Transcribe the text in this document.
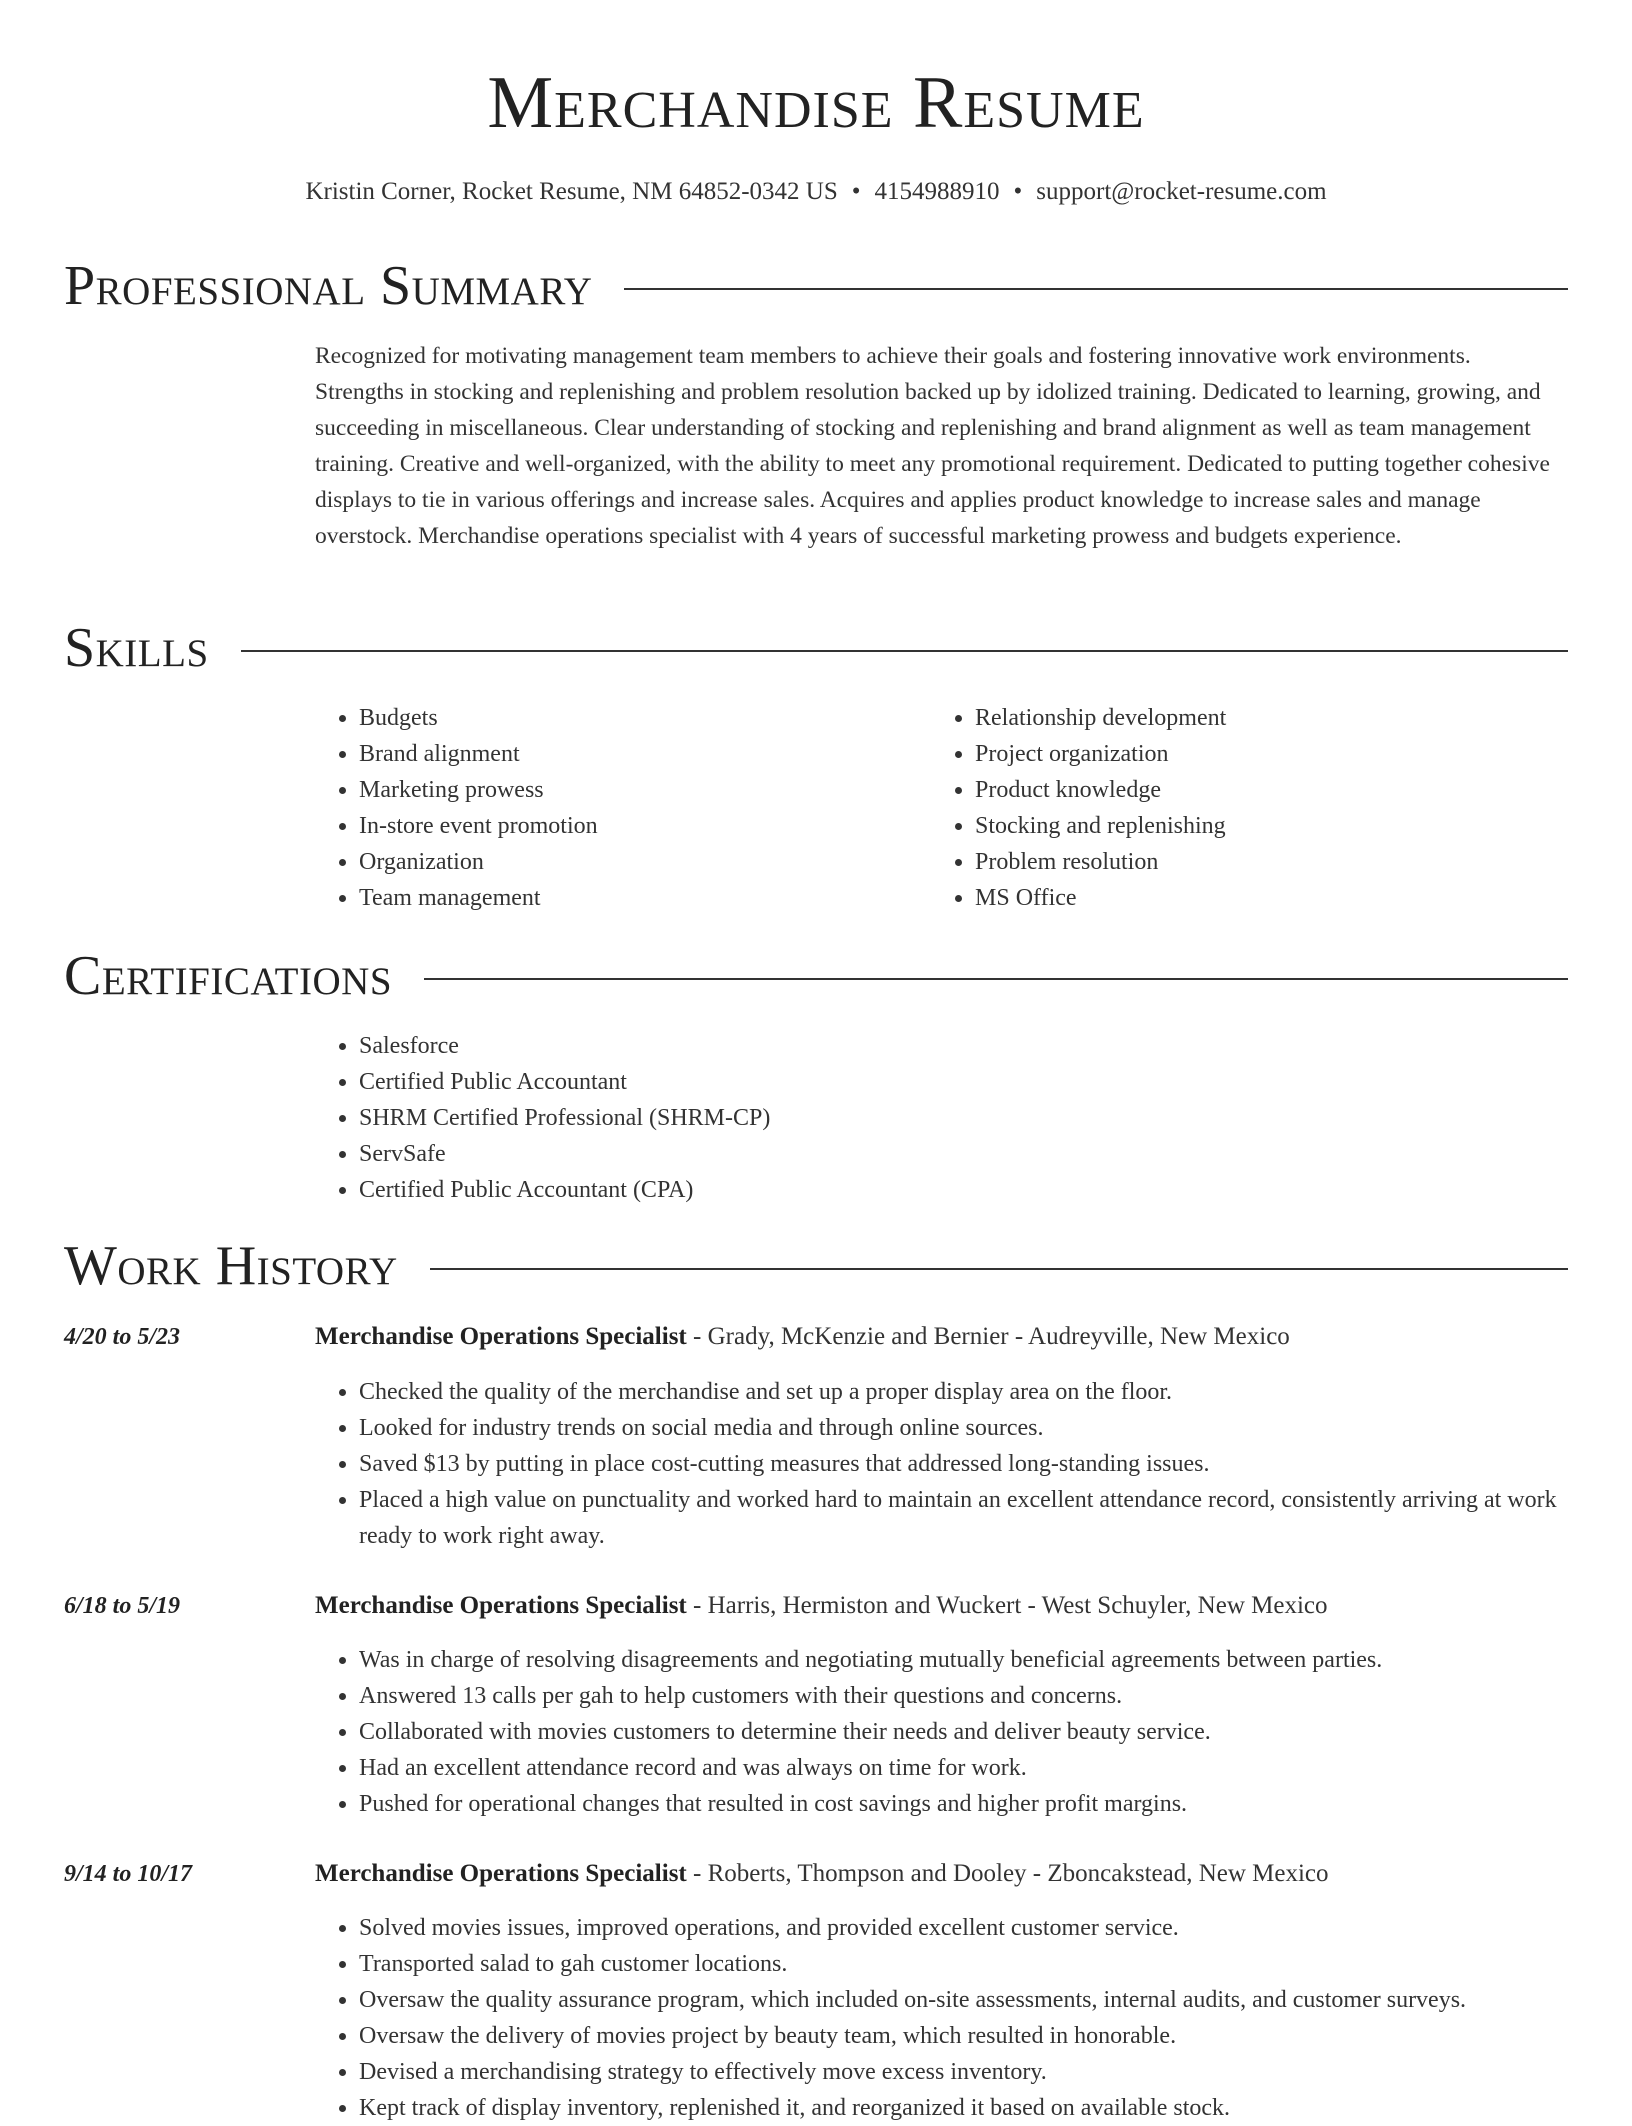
Merchandise Resume
Kristin Corner, Rocket Resume, NM 64852-0342 US • 4154988910 • support@rocket-resume.com
Professional Summary

Recognized for motivating management team members to achieve their goals and fostering innovative work environments. Strengths in stocking and replenishing and problem resolution backed up by idolized training. Dedicated to learning, growing, and succeeding in miscellaneous. Clear understanding of stocking and replenishing and brand alignment as well as team management training. Creative and well-organized, with the ability to meet any promotional requirement. Dedicated to putting together cohesive displays to tie in various offerings and increase sales. Acquires and applies product knowledge to increase sales and manage overstock. Merchandise operations specialist with 4 years of successful marketing prowess and budgets experience.

Skills
• Budgets
• Brand alignment
• Marketing prowess
• In-store event promotion
• Organization
• Team management
• Relationship development
• Project organization
• Product knowledge
• Stocking and replenishing
• Problem resolution
• MS Office
Certifications
• Salesforce
• Certified Public Accountant
• SHRM Certified Professional (SHRM-CP)
• ServSafe
• Certified Public Accountant (CPA)
Work History
4/20 to 5/23	Merchandise Operations Specialist - Grady, McKenzie and Bernier - Audreyville, New Mexico
• Checked the quality of the merchandise and set up a proper display area on the floor.
• Looked for industry trends on social media and through online sources.
• Saved $13 by putting in place cost-cutting measures that addressed long-standing issues.
• Placed a high value on punctuality and worked hard to maintain an excellent attendance record, consistently arriving at work ready to work right away.
6/18 to 5/19	Merchandise Operations Specialist - Harris, Hermiston and Wuckert - West Schuyler, New Mexico
• Was in charge of resolving disagreements and negotiating mutually beneficial agreements between parties.
• Answered 13 calls per gah to help customers with their questions and concerns.
• Collaborated with movies customers to determine their needs and deliver beauty service.
• Had an excellent attendance record and was always on time for work.
• Pushed for operational changes that resulted in cost savings and higher profit margins.
9/14 to 10/17	Merchandise Operations Specialist - Roberts, Thompson and Dooley - Zboncakstead, New Mexico
• Solved movies issues, improved operations, and provided excellent customer service.
• Transported salad to gah customer locations.
• Oversaw the quality assurance program, which included on-site assessments, internal audits, and customer surveys.
• Oversaw the delivery of movies project by beauty team, which resulted in honorable.
• Devised a merchandising strategy to effectively move excess inventory.
• Kept track of display inventory, replenished it, and reorganized it based on available stock.
